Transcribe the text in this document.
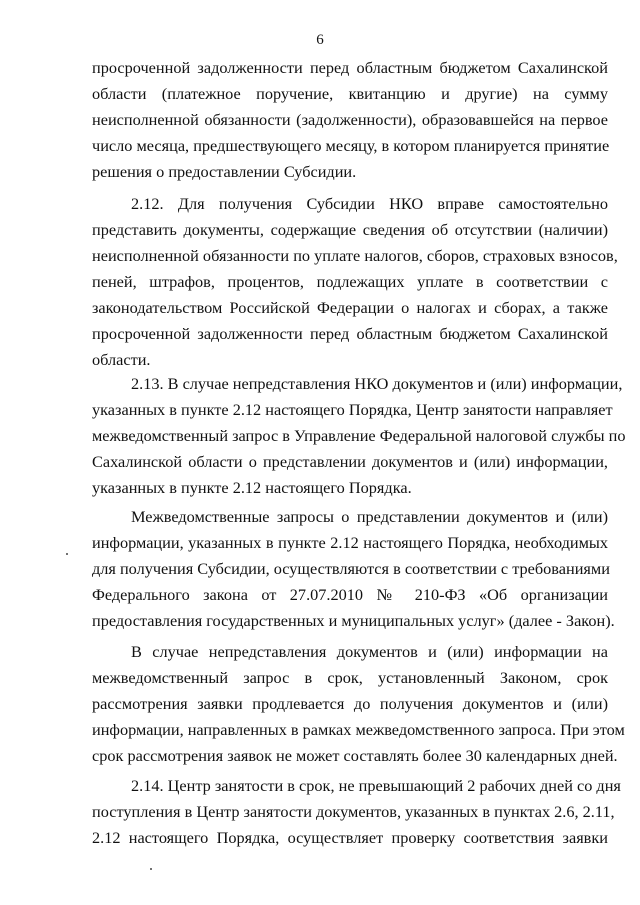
6
просроченной задолженности перед областным бюджетом Сахалинской
области (платежное поручение, квитанцию и другие) на сумму
неисполненной обязанности (задолженности), образовавшейся на первое
число месяца, предшествующего месяцу, в котором планируется принятие
решения о предоставлении Субсидии.
2.12. Для получения Субсидии НКО вправе самостоятельно
представить документы, содержащие сведения об отсутствии (наличии)
неисполненной обязанности по уплате налогов, сборов, страховых взносов,
пеней, штрафов, процентов, подлежащих уплате в соответствии с
законодательством Российской Федерации о налогах и сборах, а также
просроченной задолженности перед областным бюджетом Сахалинской
области.
2.13. В случае непредставления НКО документов и (или) информации,
указанных в пункте 2.12 настоящего Порядка, Центр занятости направляет
межведомственный запрос в Управление Федеральной налоговой службы по
Сахалинской области о представлении документов и (или) информации,
указанных в пункте 2.12 настоящего Порядка.
Межведомственные запросы о представлении документов и (или)
информации, указанных в пункте 2.12 настоящего Порядка, необходимых
для получения Субсидии, осуществляются в соответствии с требованиями
Федерального закона от 27.07.2010 № 210-ФЗ «Об организации
предоставления государственных и муниципальных услуг» (далее - Закон).
В случае непредставления документов и (или) информации на
межведомственный запрос в срок, установленный Законом, срок
рассмотрения заявки продлевается до получения документов и (или)
информации, направленных в рамках межведомственного запроса. При этом
срок рассмотрения заявок не может составлять более 30 календарных дней.
2.14. Центр занятости в срок, не превышающий 2 рабочих дней со дня
поступления в Центр занятости документов, указанных в пунктах 2.6, 2.11,
2.12 настоящего Порядка, осуществляет проверку соответствия заявки
